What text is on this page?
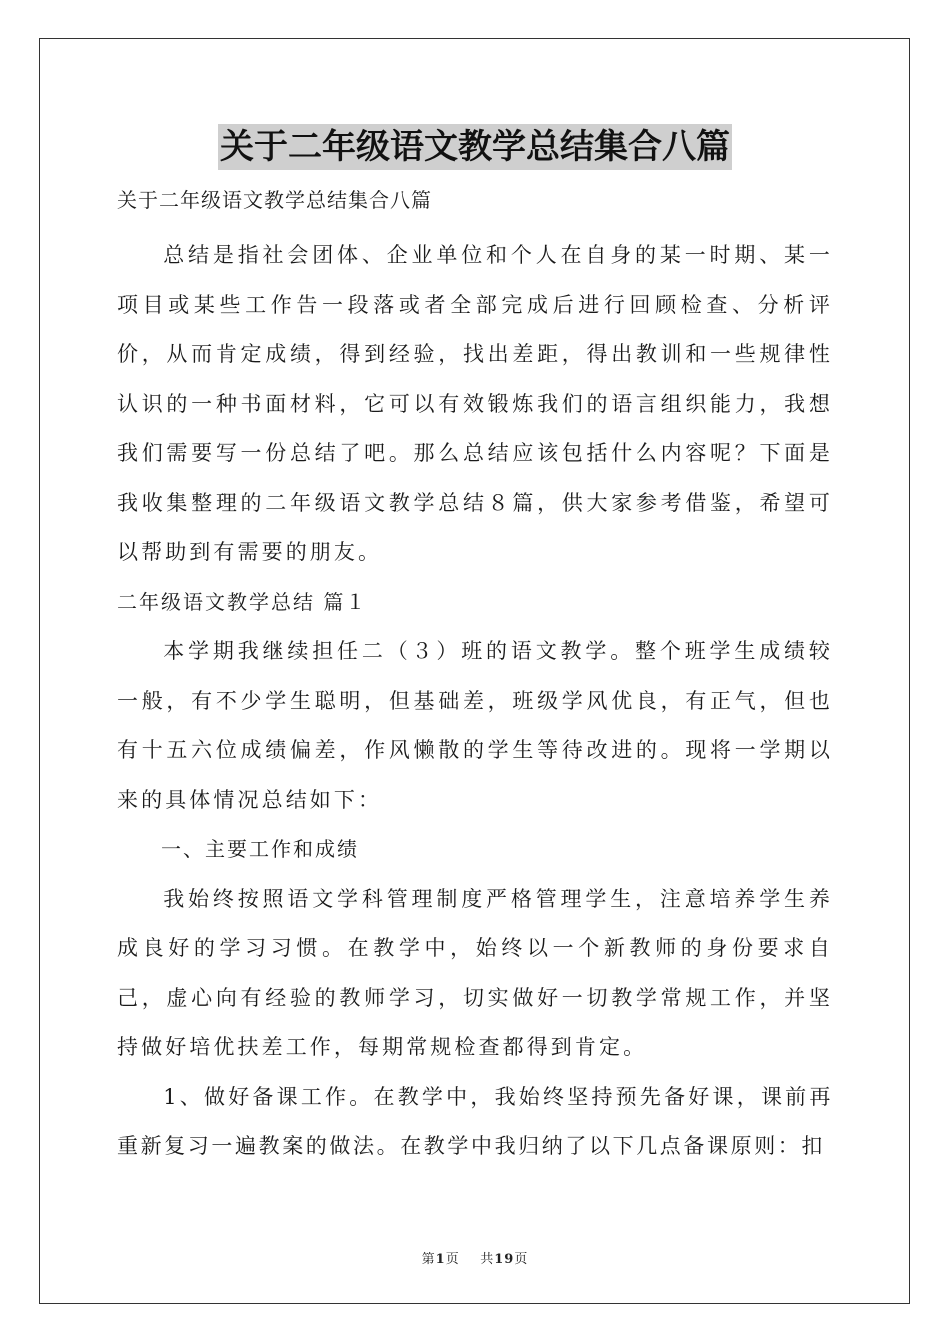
关于二年级语文教学总结集合八篇
关于二年级语文教学总结集合八篇

总结是指社会团体、企业单位和个人在自身的某一时期、某一项目或某些工作告一段落或者全部完成后进行回顾检查、分析评价，从而肯定成绩，得到经验，找出差距，得出教训和一些规律性认识的一种书面材料，它可以有效锻炼我们的语言组织能力，我想我们需要写一份总结了吧。那么总结应该包括什么内容呢？下面是我收集整理的二年级语文教学总结８篇，供大家参考借鉴，希望可以帮助到有需要的朋友。

二年级语文教学总结 篇１

本学期我继续担任二（３）班的语文教学。整个班学生成绩较一般，有不少学生聪明，但基础差，班级学风优良，有正气，但也有十五六位成绩偏差，作风懒散的学生等待改进的。现将一学期以来的具体情况总结如下：

一、主要工作和成绩

我始终按照语文学科管理制度严格管理学生，注意培养学生养成良好的学习习惯。在教学中，始终以一个新教师的身份要求自己，虚心向有经验的教师学习，切实做好一切教学常规工作，并坚持做好培优扶差工作，每期常规检查都得到肯定。

1、做好备课工作。在教学中，我始终坚持预先备好课，课前再重新复习一遍教案的做法。在教学中我归纳了以下几点备课原则：扣

第1页    共19页
